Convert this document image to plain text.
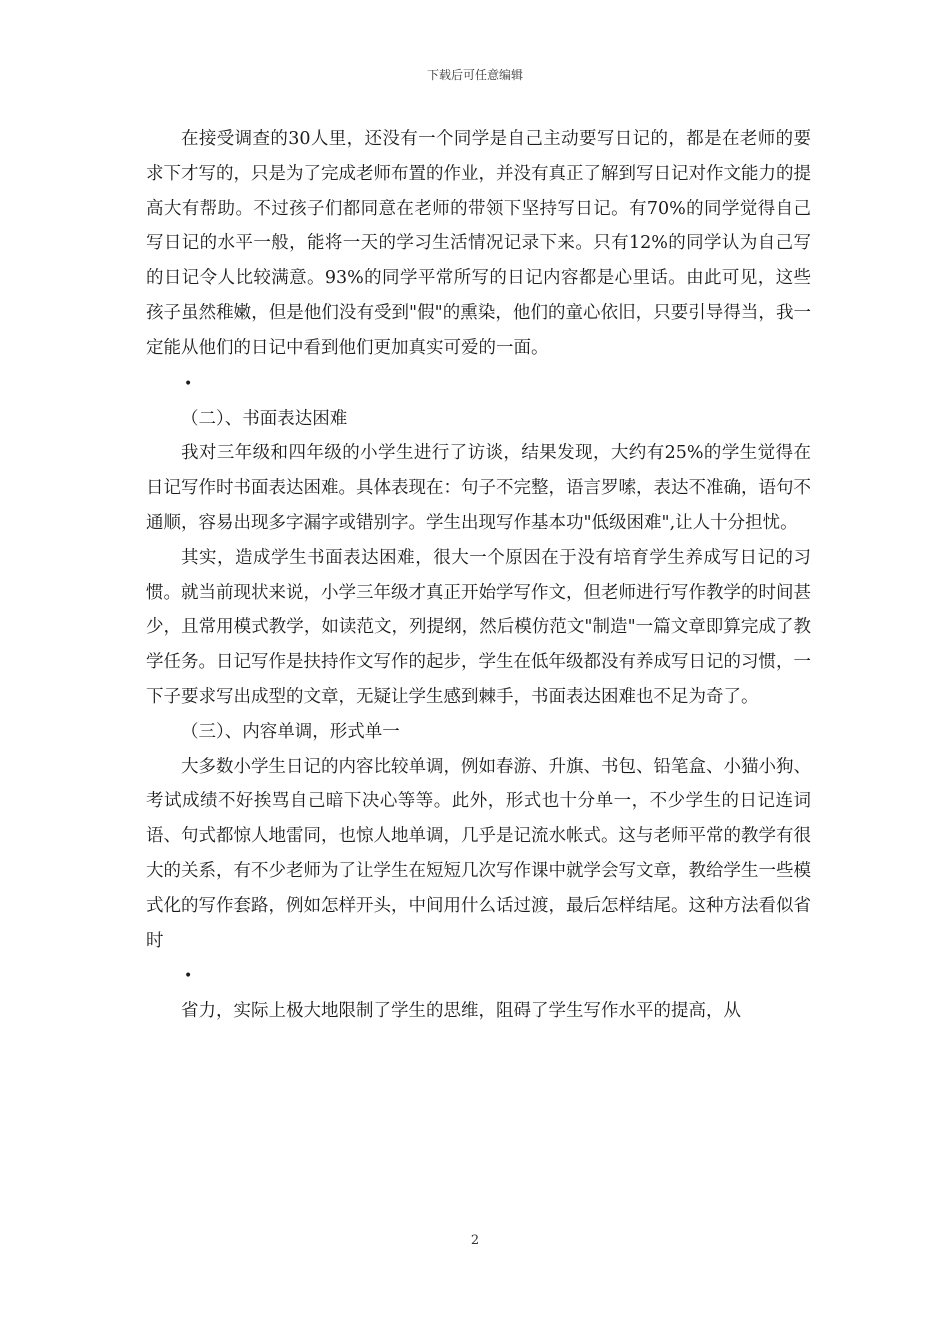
下载后可任意编辑

在接受调查的30人里，还没有一个同学是自己主动要写日记的，都是在老师的要求下才写的，只是为了完成老师布置的作业，并没有真正了解到写日记对作文能力的提高大有帮助。不过孩子们都同意在老师的带领下坚持写日记。有70%的同学觉得自己写日记的水平一般，能将一天的学习生活情况记录下来。只有12%的同学认为自己写的日记令人比较满意。93%的同学平常所写的日记内容都是心里话。由此可见，这些孩子虽然稚嫩，但是他们没有受到"假"的熏染，他们的童心依旧，只要引导得当，我一定能从他们的日记中看到他们更加真实可爱的一面。

•

（二）、书面表达困难

我对三年级和四年级的小学生进行了访谈，结果发现，大约有25%的学生觉得在日记写作时书面表达困难。具体表现在：句子不完整，语言罗嗦，表达不准确，语句不通顺，容易出现多字漏字或错别字。学生出现写作基本功"低级困难",让人十分担忧。

其实，造成学生书面表达困难，很大一个原因在于没有培育学生养成写日记的习惯。就当前现状来说，小学三年级才真正开始学写作文，但老师进行写作教学的时间甚少，且常用模式教学，如读范文，列提纲，然后模仿范文"制造"一篇文章即算完成了教学任务。日记写作是扶持作文写作的起步，学生在低年级都没有养成写日记的习惯，一下子要求写出成型的文章，无疑让学生感到棘手，书面表达困难也不足为奇了。

（三）、内容单调，形式单一

大多数小学生日记的内容比较单调，例如春游、升旗、书包、铅笔盒、小猫小狗、考试成绩不好挨骂自己暗下决心等等。此外，形式也十分单一，不少学生的日记连词语、句式都惊人地雷同，也惊人地单调，几乎是记流水帐式。这与老师平常的教学有很大的关系，有不少老师为了让学生在短短几次写作课中就学会写文章，教给学生一些模式化的写作套路，例如怎样开头，中间用什么话过渡，最后怎样结尾。这种方法看似省时

•

省力，实际上极大地限制了学生的思维，阻碍了学生写作水平的提高，从

2
